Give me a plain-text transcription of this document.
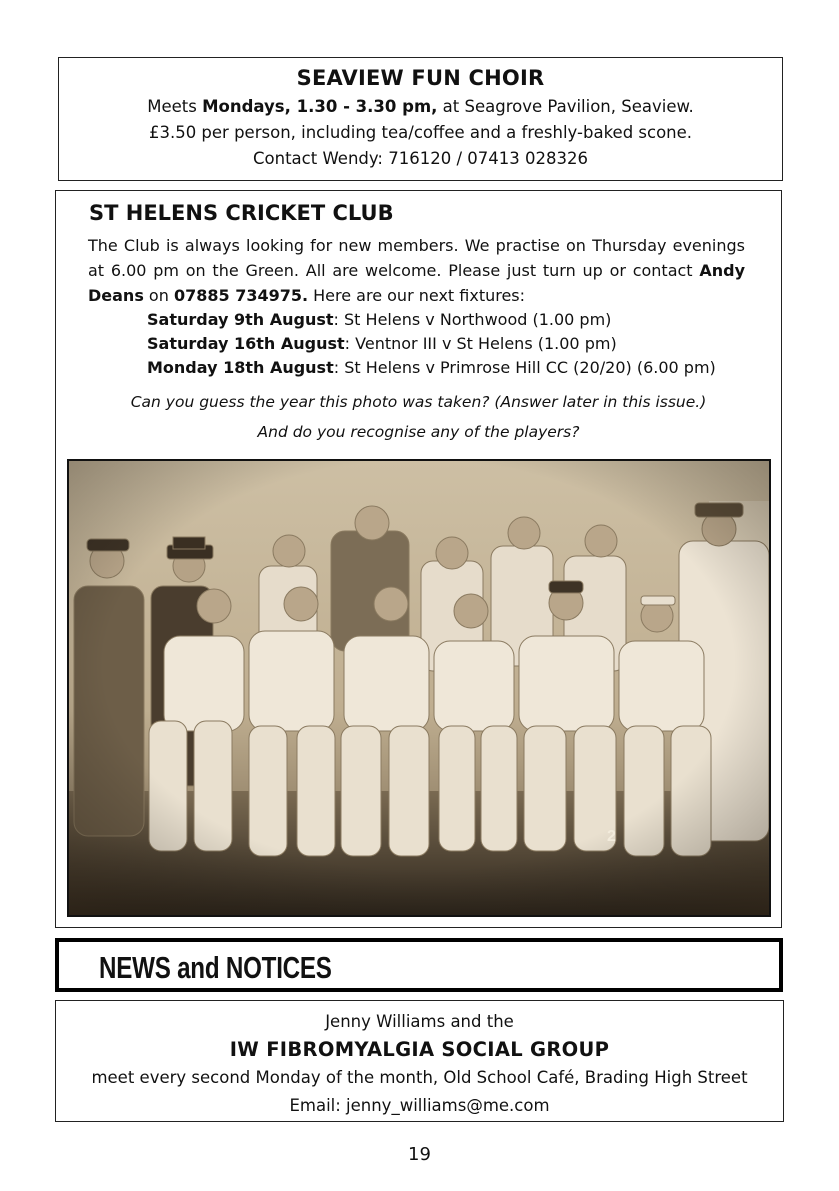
SEAVIEW FUN CHOIR
Meets Mondays, 1.30 - 3.30 pm, at Seagrove Pavilion, Seaview.
£3.50 per person, including tea/coffee and a freshly-baked scone.
Contact Wendy: 716120 / 07413 028326
ST HELENS CRICKET CLUB
The Club is always looking for new members. We practise on Thursday evenings at 6.00 pm on the Green. All are welcome. Please just turn up or contact Andy Deans on 07885 734975. Here are our next fixtures:
Saturday 9th August: St Helens v Northwood (1.00 pm)
Saturday 16th August: Ventnor III v St Helens (1.00 pm)
Monday 18th August: St Helens v Primrose Hill CC (20/20) (6.00 pm)
Can you guess the year this photo was taken? (Answer later in this issue.)
And do you recognise any of the players?
2
NEWS and NOTICES
Jenny Williams and the
IW FIBROMYALGIA SOCIAL GROUP
meet every second Monday of the month, Old School Café, Brading High Street
Email: jenny_williams@me.com
19
